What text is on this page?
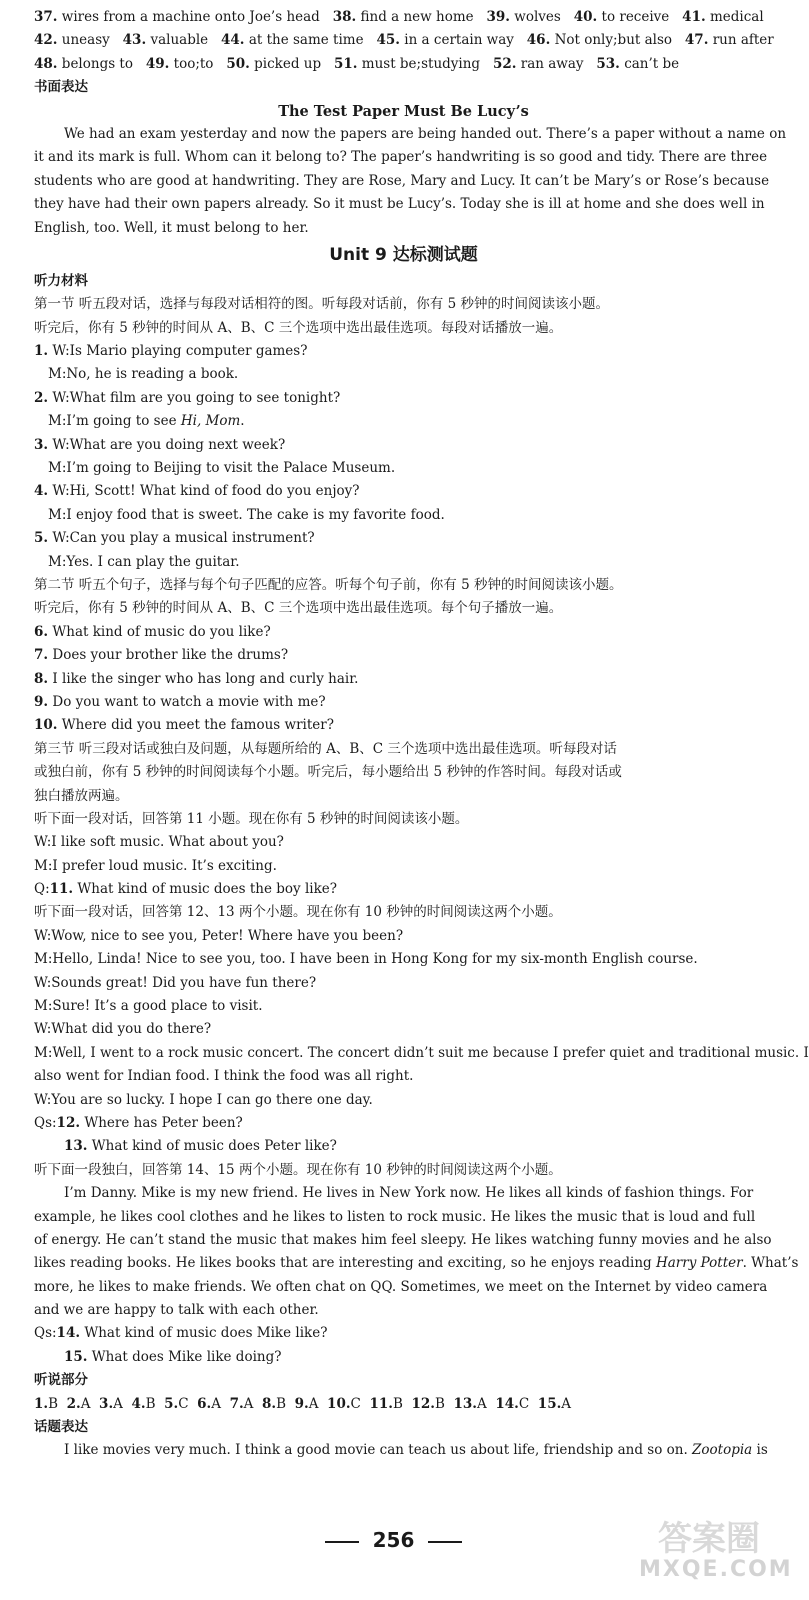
37. wires from a machine onto Joe’s head 38. find a new home 39. wolves 40. to receive 41. medical
42. uneasy 43. valuable 44. at the same time 45. in a certain way 46. Not only;but also 47. run after
48. belongs to 49. too;to 50. picked up 51. must be;studying 52. ran away 53. can’t be
书面表达
The Test Paper Must Be Lucy’s
We had an exam yesterday and now the papers are being handed out. There’s a paper without a name on
it and its mark is full. Whom can it belong to? The paper’s handwriting is so good and tidy. There are three
students who are good at handwriting. They are Rose, Mary and Lucy. It can’t be Mary’s or Rose’s because
they have had their own papers already. So it must be Lucy’s. Today she is ill at home and she does well in
English, too. Well, it must belong to her.
Unit 9 达标测试题
听力材料
第一节 听五段对话，选择与每段对话相符的图。听每段对话前，你有 5 秒钟的时间阅读该小题。
听完后，你有 5 秒钟的时间从 A、B、C 三个选项中选出最佳选项。每段对话播放一遍。
1. W:Is Mario playing computer games?
M:No, he is reading a book.
2. W:What film are you going to see tonight?
M:I’m going to see Hi, Mom.
3. W:What are you doing next week?
M:I’m going to Beijing to visit the Palace Museum.
4. W:Hi, Scott! What kind of food do you enjoy?
M:I enjoy food that is sweet. The cake is my favorite food.
5. W:Can you play a musical instrument?
M:Yes. I can play the guitar.
第二节 听五个句子，选择与每个句子匹配的应答。听每个句子前，你有 5 秒钟的时间阅读该小题。
听完后，你有 5 秒钟的时间从 A、B、C 三个选项中选出最佳选项。每个句子播放一遍。
6. What kind of music do you like?
7. Does your brother like the drums?
8. I like the singer who has long and curly hair.
9. Do you want to watch a movie with me?
10. Where did you meet the famous writer?
第三节 听三段对话或独白及问题，从每题所给的 A、B、C 三个选项中选出最佳选项。听每段对话
或独白前，你有 5 秒钟的时间阅读每个小题。听完后，每小题给出 5 秒钟的作答时间。每段对话或
独白播放两遍。
听下面一段对话，回答第 11 小题。现在你有 5 秒钟的时间阅读该小题。
W:I like soft music. What about you?
M:I prefer loud music. It’s exciting.
Q:11. What kind of music does the boy like?
听下面一段对话，回答第 12、13 两个小题。现在你有 10 秒钟的时间阅读这两个小题。
W:Wow, nice to see you, Peter! Where have you been?
M:Hello, Linda! Nice to see you, too. I have been in Hong Kong for my six-month English course.
W:Sounds great! Did you have fun there?
M:Sure! It’s a good place to visit.
W:What did you do there?
M:Well, I went to a rock music concert. The concert didn’t suit me because I prefer quiet and traditional music. I
also went for Indian food. I think the food was all right.
W:You are so lucky. I hope I can go there one day.
Qs:12. Where has Peter been?
13. What kind of music does Peter like?
听下面一段独白，回答第 14、15 两个小题。现在你有 10 秒钟的时间阅读这两个小题。
I’m Danny. Mike is my new friend. He lives in New York now. He likes all kinds of fashion things. For
example, he likes cool clothes and he likes to listen to rock music. He likes the music that is loud and full
of energy. He can’t stand the music that makes him feel sleepy. He likes watching funny movies and he also
likes reading books. He likes books that are interesting and exciting, so he enjoys reading Harry Potter. What’s
more, he likes to make friends. We often chat on QQ. Sometimes, we meet on the Internet by video camera
and we are happy to talk with each other.
Qs:14. What kind of music does Mike like?
15. What does Mike like doing?
听说部分
1.B 2.A 3.A 4.B 5.C 6.A 7.A 8.B 9.A 10.C 11.B 12.B 13.A 14.C 15.A
话题表达
I like movies very much. I think a good movie can teach us about life, friendship and so on. Zootopia is
256	答案圈
MXQE.COM
